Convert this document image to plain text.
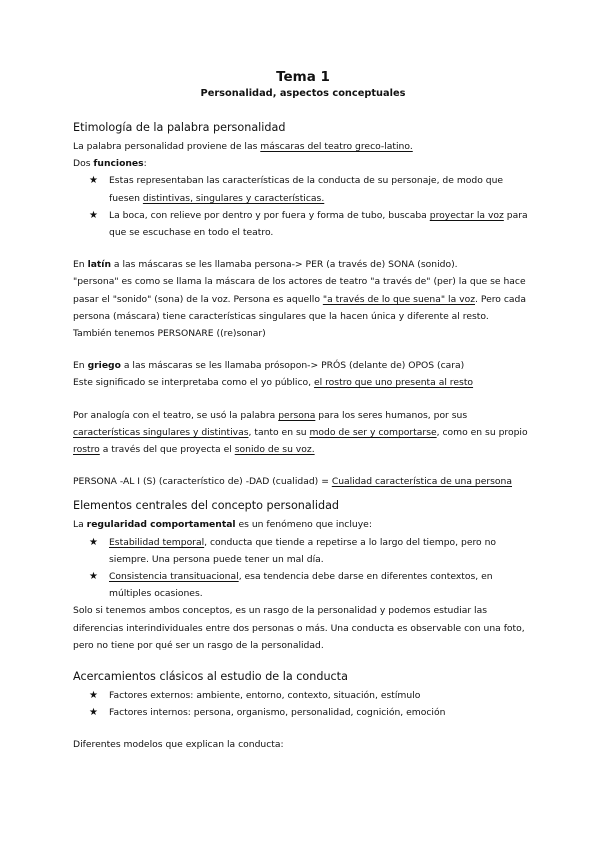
Tema 1
Personalidad, aspectos conceptuales
Etimología de la palabra personalidad

La palabra personalidad proviene de las máscaras del teatro greco-latino.

Dos funciones:

★ Estas representaban las características de la conducta de su personaje, de modo que fuesen distintivas, singulares y características.
★ La boca, con relieve por dentro y por fuera y forma de tubo, buscaba proyectar la voz para que se escuchase en todo el teatro.

En latín a las máscaras se les llamaba persona-> PER (a través de) SONA (sonido).

"persona" es como se llama la máscara de los actores de teatro "a través de" (per) la que se hace pasar el "sonido" (sona) de la voz. Persona es aquello "a través de lo que suena" la voz. Pero cada persona (máscara) tiene características singulares que la hacen única y diferente al resto.

También tenemos PERSONARE ((re)sonar)

En griego a las máscaras se les llamaba prósopon-> PRÓS (delante de) OPOS (cara)

Este significado se interpretaba como el yo público, el rostro que uno presenta al resto

Por analogía con el teatro, se usó la palabra persona para los seres humanos, por sus características singulares y distintivas, tanto en su modo de ser y comportarse, como en su propio rostro a través del que proyecta el sonido de su voz.

PERSONA -AL I (S) (característico de) -DAD (cualidad) = Cualidad característica de una persona

Elementos centrales del concepto personalidad

La regularidad comportamental es un fenómeno que incluye:

★ Estabilidad temporal, conducta que tiende a repetirse a lo largo del tiempo, pero no siempre. Una persona puede tener un mal día.
★ Consistencia transituacional, esa tendencia debe darse en diferentes contextos, en múltiples ocasiones.

Solo si tenemos ambos conceptos, es un rasgo de la personalidad y podemos estudiar las diferencias interindividuales entre dos personas o más. Una conducta es observable con una foto, pero no tiene por qué ser un rasgo de la personalidad.

Acercamientos clásicos al estudio de la conducta
★ Factores externos: ambiente, entorno, contexto, situación, estímulo
★ Factores internos: persona, organismo, personalidad, cognición, emoción

Diferentes modelos que explican la conducta:
